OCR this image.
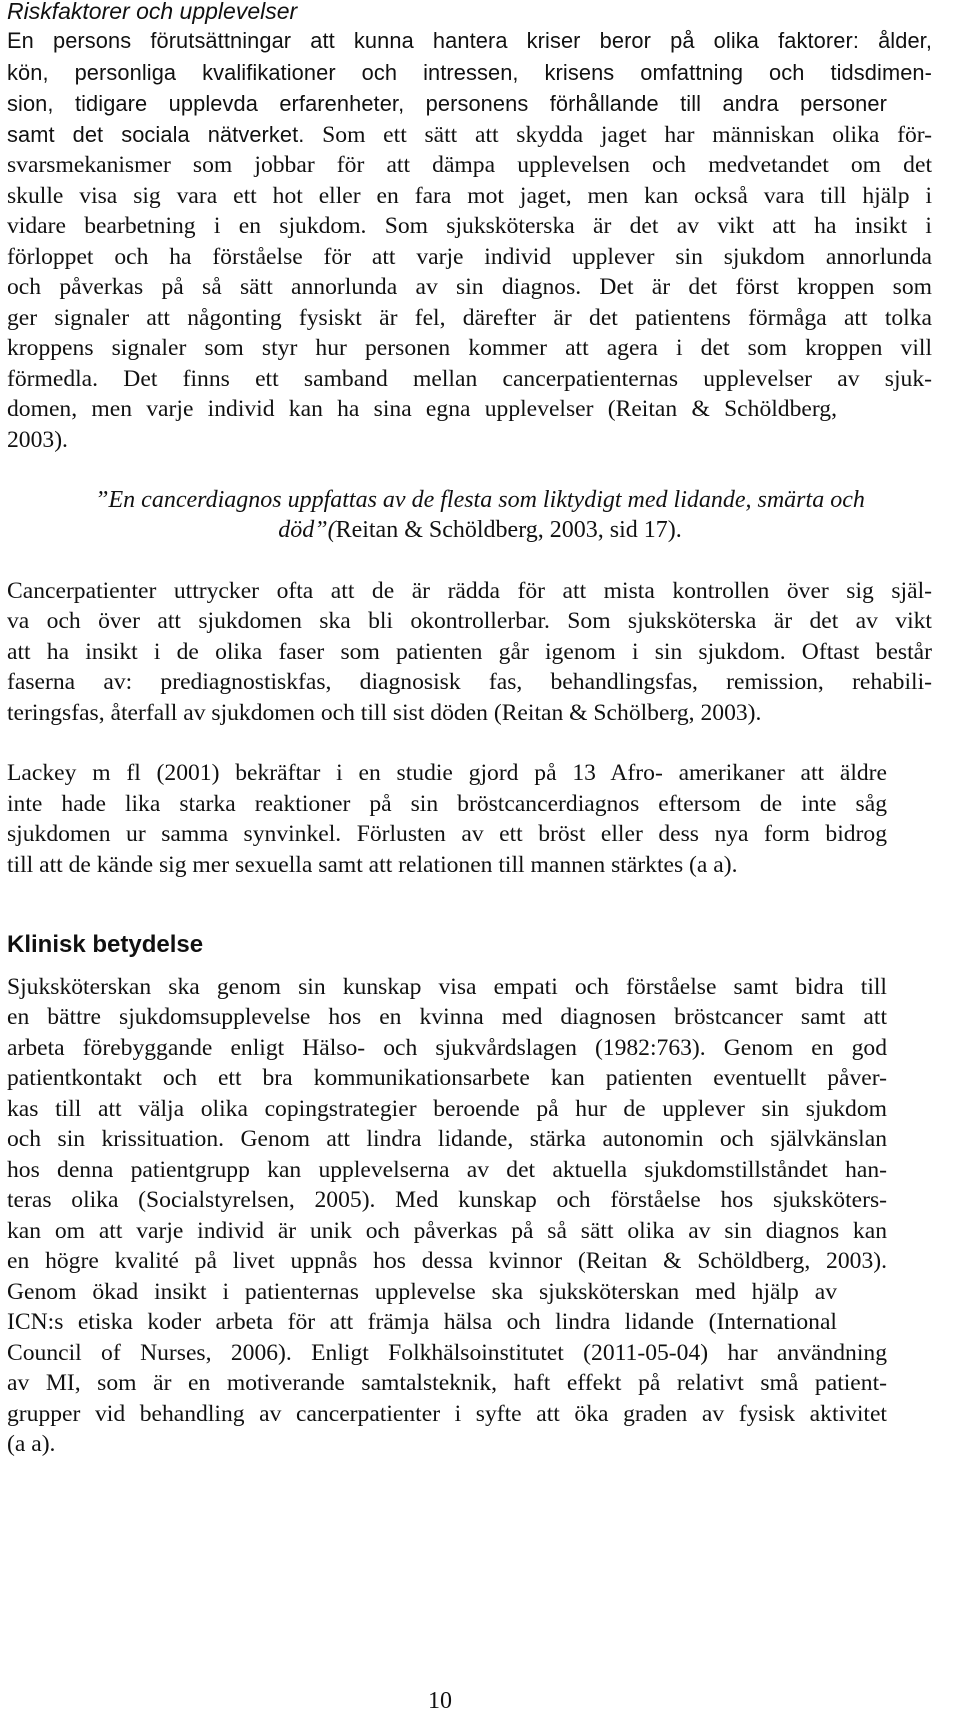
Riskfaktorer och upplevelser
En persons förutsättningar att kunna hantera kriser beror på olika faktorer: ålder,
kön, personliga kvalifikationer och intressen, krisens omfattning och tidsdimen-
sion, tidigare upplevda erfarenheter, personens förhållande till andra personer
samt det sociala nätverket. Som ett sätt att skydda jaget har människan olika för-
svarsmekanismer som jobbar för att dämpa upplevelsen och medvetandet om det
skulle visa sig vara ett hot eller en fara mot jaget, men kan också vara till hjälp i
vidare bearbetning i en sjukdom. Som sjuksköterska är det av vikt att ha insikt i
förloppet och ha förståelse för att varje individ upplever sin sjukdom annorlunda
och påverkas på så sätt annorlunda av sin diagnos. Det är det först kroppen som
ger signaler att någonting fysiskt är fel, därefter är det patientens förmåga att tolka
kroppens signaler som styr hur personen kommer att agera i det som kroppen vill
förmedla. Det finns ett samband mellan cancerpatienternas upplevelser av sjuk-
domen, men varje individ kan ha sina egna upplevelser (Reitan & Schöldberg,
2003).
”En cancerdiagnos uppfattas av de flesta som liktydigt med lidande, smärta och
död”(Reitan & Schöldberg, 2003, sid 17).
Cancerpatienter uttrycker ofta att de är rädda för att mista kontrollen över sig själ-
va och över att sjukdomen ska bli okontrollerbar. Som sjuksköterska är det av vikt
att ha insikt i de olika faser som patienten går igenom i sin sjukdom. Oftast består
faserna av: prediagnostiskfas, diagnosisk fas, behandlingsfas, remission, rehabili-
teringsfas, återfall av sjukdomen och till sist döden (Reitan & Schölberg, 2003).
Lackey m fl (2001) bekräftar i en studie gjord på 13 Afro- amerikaner att äldre
inte hade lika starka reaktioner på sin bröstcancerdiagnos eftersom de inte såg
sjukdomen ur samma synvinkel. Förlusten av ett bröst eller dess nya form bidrog
till att de kände sig mer sexuella samt att relationen till mannen stärktes (a a).
Klinisk betydelse
Sjuksköterskan ska genom sin kunskap visa empati och förståelse samt bidra till
en bättre sjukdomsupplevelse hos en kvinna med diagnosen bröstcancer samt att
arbeta förebyggande enligt Hälso- och sjukvårdslagen (1982:763). Genom en god
patientkontakt och ett bra kommunikationsarbete kan patienten eventuellt påver-
kas till att välja olika copingstrategier beroende på hur de upplever sin sjukdom
och sin krissituation. Genom att lindra lidande, stärka autonomin och självkänslan
hos denna patientgrupp kan upplevelserna av det aktuella sjukdomstillståndet han-
teras olika (Socialstyrelsen, 2005). Med kunskap och förståelse hos sjuksköters-
kan om att varje individ är unik och påverkas på så sätt olika av sin diagnos kan
en högre kvalité på livet uppnås hos dessa kvinnor (Reitan & Schöldberg, 2003).
Genom ökad insikt i patienternas upplevelse ska sjuksköterskan med hjälp av
ICN:s etiska koder arbeta för att främja hälsa och lindra lidande (International
Council of Nurses, 2006). Enligt Folkhälsoinstitutet (2011-05-04) har användning
av MI, som är en motiverande samtalsteknik, haft effekt på relativt små patient-
grupper vid behandling av cancerpatienter i syfte att öka graden av fysisk aktivitet
(a a).
10
